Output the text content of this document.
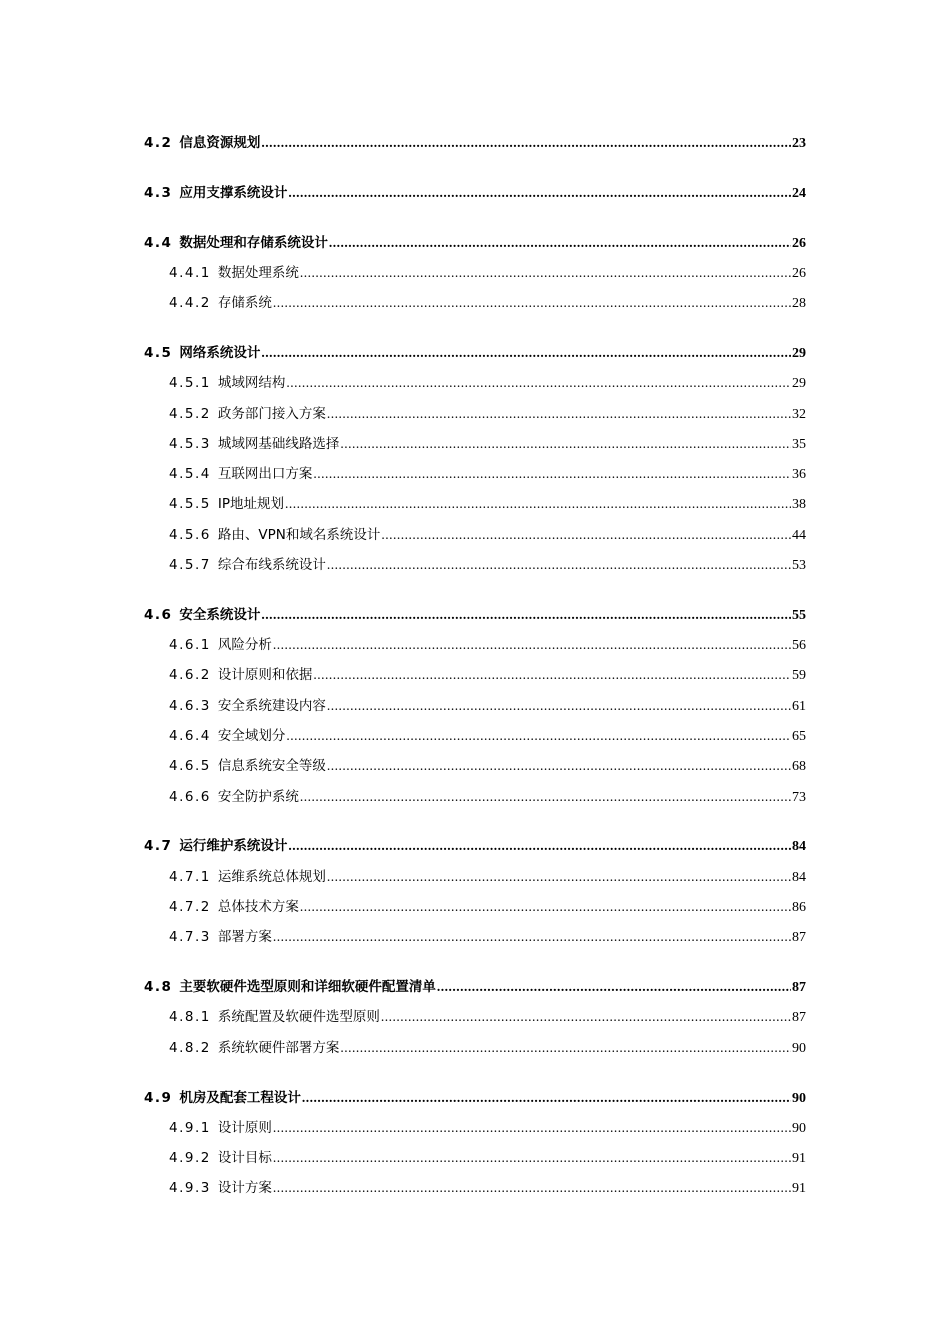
4.2 信息资源规划 .....	23
4.3 应用支撑系统设计 .....	24
4.4 数据处理和存储系统设计 .....	26
4.4.1 数据处理系统 .....	26
4.4.2 存储系统 .....	28
4.5 网络系统设计 .....	29
4.5.1 城域网结构 .....	29
4.5.2 政务部门接入方案 .....	32
4.5.3 城域网基础线路选择 .....	35
4.5.4 互联网出口方案 .....	36
4.5.5 IP地址规划 .....	38
4.5.6 路由、VPN和域名系统设计 .....	44
4.5.7 综合布线系统设计 .....	53
4.6 安全系统设计 .....	55
4.6.1 风险分析 .....	56
4.6.2 设计原则和依据 .....	59
4.6.3 安全系统建设内容 .....	61
4.6.4 安全域划分 .....	65
4.6.5 信息系统安全等级 .....	68
4.6.6 安全防护系统 .....	73
4.7 运行维护系统设计 .....	84
4.7.1 运维系统总体规划 .....	84
4.7.2 总体技术方案 .....	86
4.7.3 部署方案 .....	87
4.8 主要软硬件选型原则和详细软硬件配置清单 .....	87
4.8.1 系统配置及软硬件选型原则 .....	87
4.8.2 系统软硬件部署方案 .....	90
4.9 机房及配套工程设计 .....	90
4.9.1 设计原则 .....	90
4.9.2 设计目标 .....	91
4.9.3 设计方案 .....	91
